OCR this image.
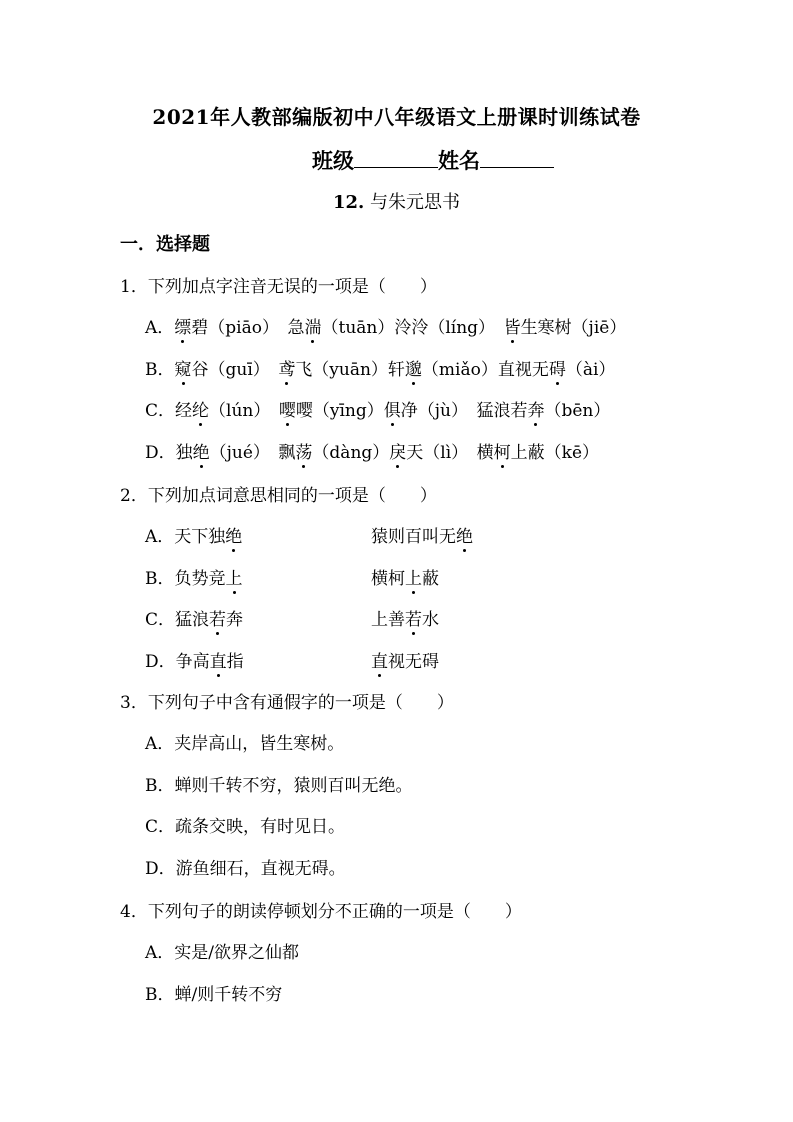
2021年人教部编版初中八年级语文上册课时训练试卷
班级	姓名
12. 与朱元思书
一．选择题
1．下列加点字注音无误的一项是（　　）
A．缥碧（piāo）　急湍（tuān）泠泠（líng）　皆生寒树（jiē）
B．窥谷（guī）　鸢飞（yuān）轩邈（miǎo）直视无碍（ài）
C．经纶（lún）　嘤嘤（yīng）俱净（jù）　猛浪若奔（bēn）
D．独绝（jué）　飘荡（dàng）戾天（lì）　横柯上蔽（kē）
2．下列加点词意思相同的一项是（　　）
A．天下独绝	猿则百叫无绝
B．负势竞上	横柯上蔽
C．猛浪若奔	上善若水
D．争高直指	直视无碍
3．下列句子中含有通假字的一项是（　　）
A．夹岸高山，皆生寒树。
B．蝉则千转不穷，猿则百叫无绝。
C．疏条交映，有时见日。
D．游鱼细石，直视无碍。
4．下列句子的朗读停顿划分不正确的一项是（　　）
A．实是/欲界之仙都
B．蝉/则千转不穷
